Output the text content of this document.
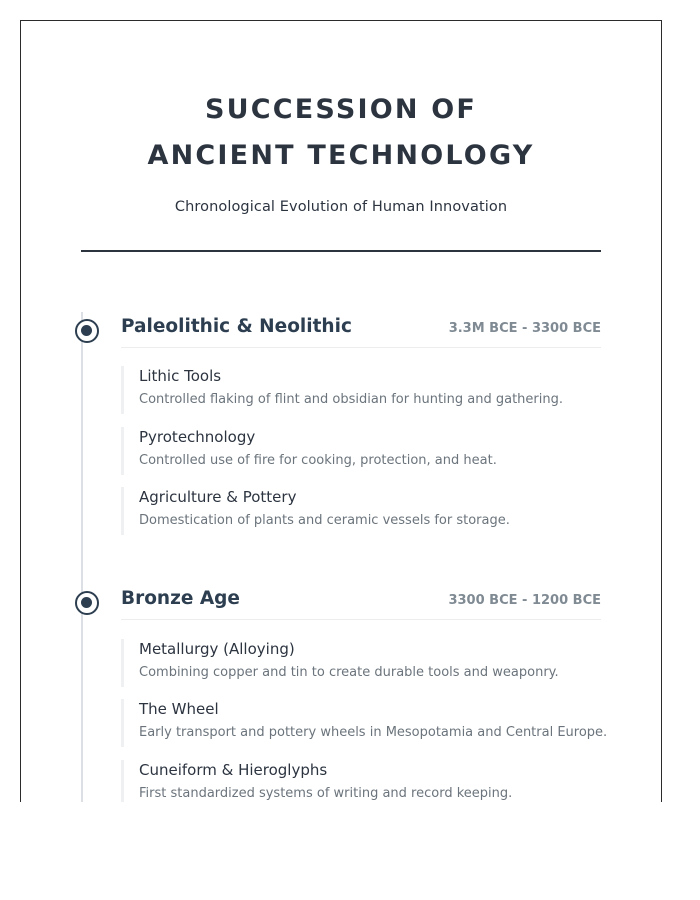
SUCCESSION OF ANCIENT TECHNOLOGY

Chronological Evolution of Human Innovation

Paleolithic & Neolithic	3.3M BCE - 3300 BCE
Lithic Tools
Controlled flaking of flint and obsidian for hunting and gathering.
Pyrotechnology
Controlled use of fire for cooking, protection, and heat.
Agriculture & Pottery
Domestication of plants and ceramic vessels for storage.
Bronze Age	3300 BCE - 1200 BCE
Metallurgy (Alloying)
Combining copper and tin to create durable tools and weaponry.
The Wheel
Early transport and pottery wheels in Mesopotamia and Central Europe.
Cuneiform & Hieroglyphs
First standardized systems of writing and record keeping.
